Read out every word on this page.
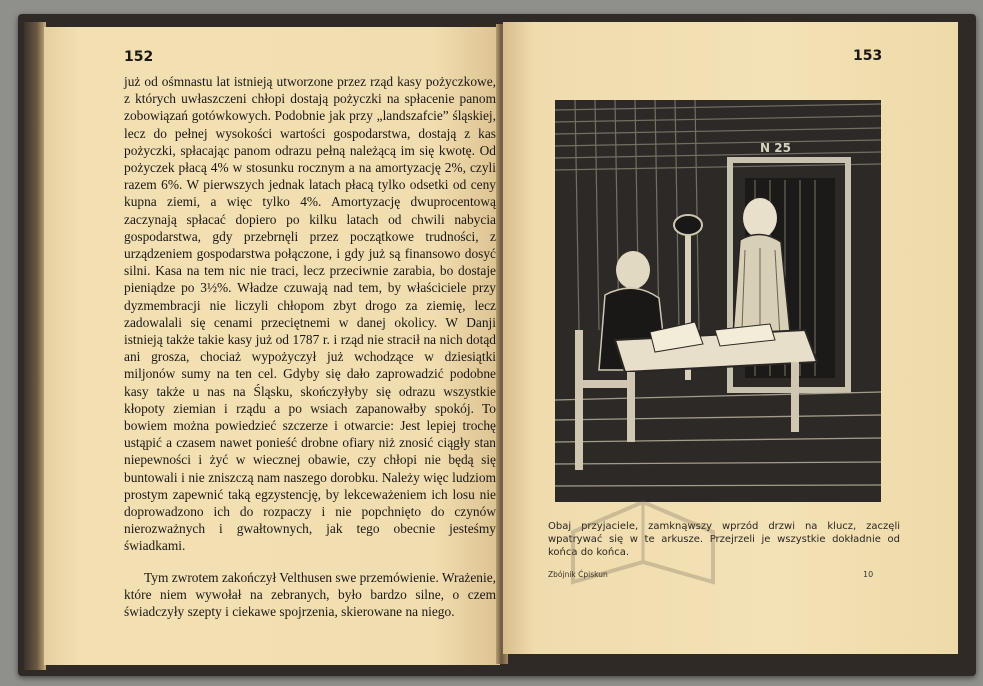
152

już od ośmnastu lat istnieją utworzone przez rząd kasy pożyczkowe, z których uwłaszczeni chłopi dostają pożyczki na spłacenie panom zobowiązań gotówkowych. Podobnie jak przy „landszafcie” śląskiej, lecz do pełnej wysokości wartości gospodarstwa, dostają z kas pożyczki, spłacając panom odrazu pełną należącą im się kwotę. Od pożyczek płacą 4% w stosunku rocznym a na amortyzację 2%, czyli razem 6%. W pierwszych jednak latach płacą tylko odsetki od ceny kupna ziemi, a więc tylko 4%. Amortyzację dwuprocentową zaczynają spłacać dopiero po kilku latach od chwili nabycia gospodarstwa, gdy przebrnęli przez początkowe trudności, z urządzeniem gospodarstwa połączone, i gdy już są finansowo dosyć silni. Kasa na tem nic nie traci, lecz przeciwnie zarabia, bo dostaje pieniądze po 3½%. Władze czuwają nad tem, by właściciele przy dyzmembracji nie liczyli chłopom zbyt drogo za ziemię, lecz zadowalali się cenami przeciętnemi w danej okolicy. W Danji istnieją także takie kasy już od 1787 r. i rząd nie stracił na nich dotąd ani grosza, chociaż wypożyczył już wchodzące w dziesiątki miljonów sumy na ten cel. Gdyby się dało zaprowadzić podobne kasy także u nas na Śląsku, skończyłyby się odrazu wszystkie kłopoty ziemian i rządu a po wsiach zapanowałby spokój. To bowiem można powiedzieć szczerze i otwarcie: Jest lepiej trochę ustąpić a czasem nawet ponieść drobne ofiary niż znosić ciągły stan niepewności i żyć w wiecznej obawie, czy chłopi nie będą się buntowali i nie zniszczą nam naszego dorobku. Należy więc ludziom prostym zapewnić taką egzystencję, by lekceważeniem ich losu nie doprowadzono ich do rozpaczy i nie popchnięto do czynów nierozważnych i gwałtownych, jak tego obecnie jesteśmy świadkami.

Tym zwrotem zakończył Velthusen swe przemówienie. Wrażenie, które niem wywołał na zebranych, było bardzo silne, o czem świadczyły szepty i ciekawe spojrzenia, skierowane na niego.

153
N 25
Obaj przyjaciele, zamknąwszy wprzód drzwi na klucz, zaczęli wpatrywać się w te arkusze. Przejrzeli je wszystkie dokładnie od końca do końca.
Zbójnik Ćpiskun	10
